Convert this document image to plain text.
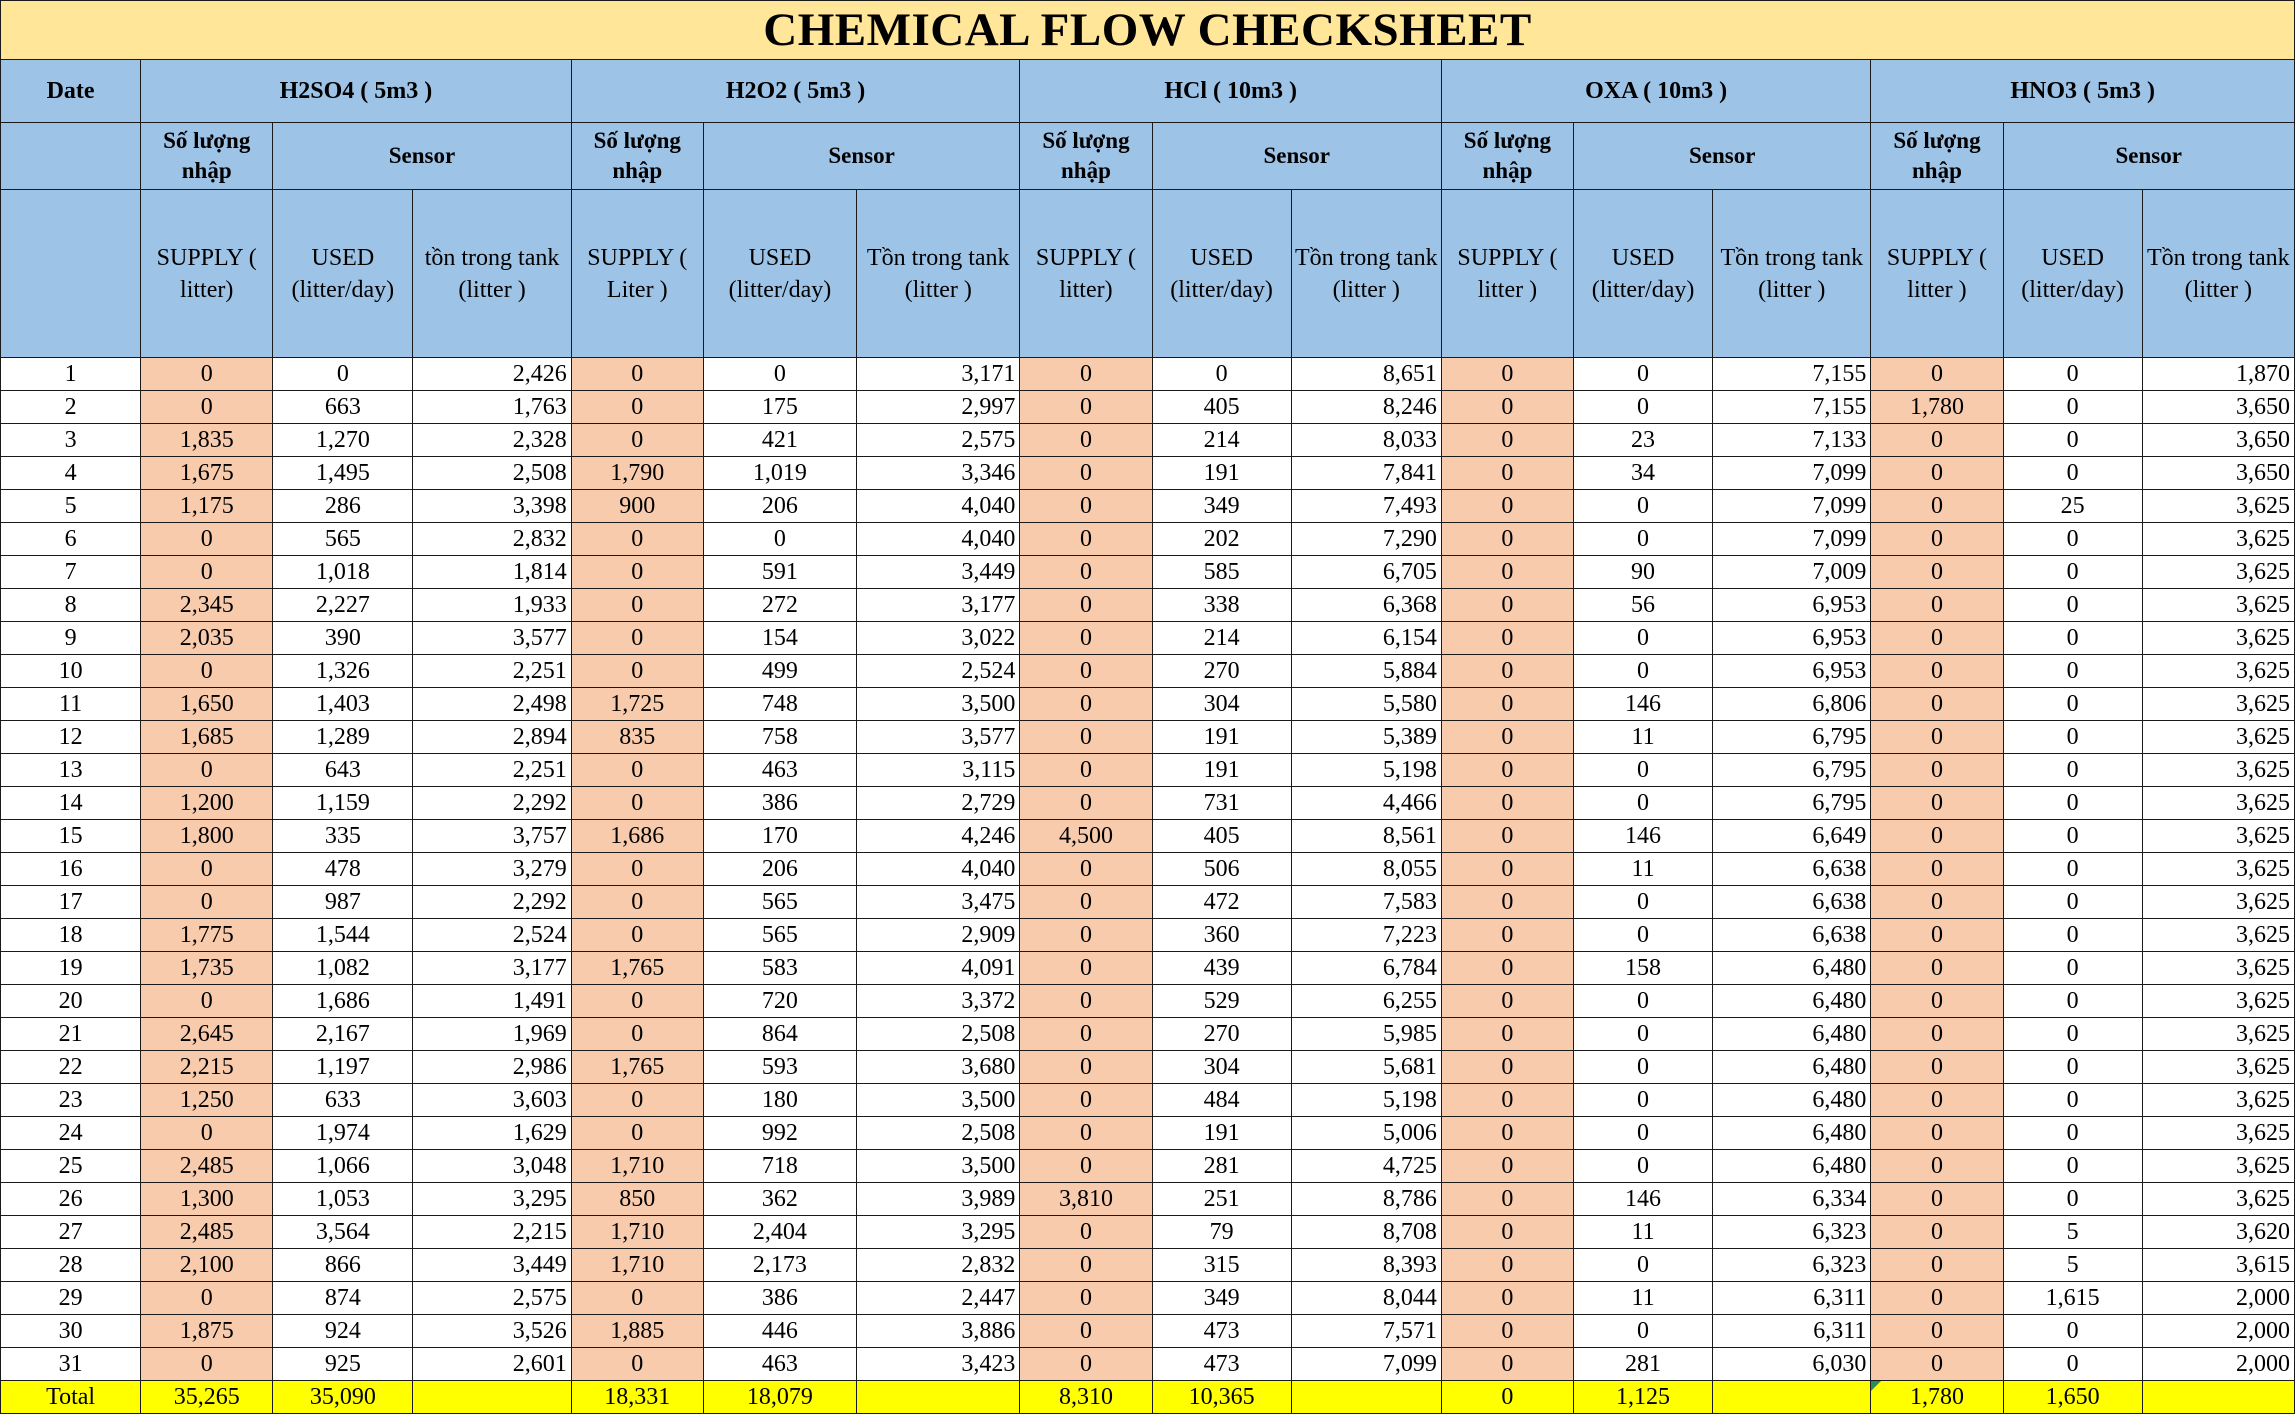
CHEMICAL FLOW CHECKSHEET															
Date	H2SO4 ( 5m3 )			H2O2 ( 5m3 )			HCl ( 10m3 )			OXA ( 10m3 )			HNO3 ( 5m3 )		
	Số lượng nhập	Sensor		Số lượng nhập	Sensor		Số lượng nhập	Sensor		Số lượng nhập	Sensor		Số lượng nhập	Sensor	
	SUPPLY ( litter)	USED (litter/day)	tồn trong tank (litter )	SUPPLY ( Liter )	USED (litter/day)	Tồn trong tank (litter )	SUPPLY ( litter)	USED (litter/day)	Tồn trong tank (litter )	SUPPLY ( litter )	USED (litter/day)	Tồn trong tank (litter )	SUPPLY ( litter )	USED (litter/day)	Tồn trong tank (litter )
1	0	0	2,426	0	0	3,171	0	0	8,651	0	0	7,155	0	0	1,870
2	0	663	1,763	0	175	2,997	0	405	8,246	0	0	7,155	1,780	0	3,650
3	1,835	1,270	2,328	0	421	2,575	0	214	8,033	0	23	7,133	0	0	3,650
4	1,675	1,495	2,508	1,790	1,019	3,346	0	191	7,841	0	34	7,099	0	0	3,650
5	1,175	286	3,398	900	206	4,040	0	349	7,493	0	0	7,099	0	25	3,625
6	0	565	2,832	0	0	4,040	0	202	7,290	0	0	7,099	0	0	3,625
7	0	1,018	1,814	0	591	3,449	0	585	6,705	0	90	7,009	0	0	3,625
8	2,345	2,227	1,933	0	272	3,177	0	338	6,368	0	56	6,953	0	0	3,625
9	2,035	390	3,577	0	154	3,022	0	214	6,154	0	0	6,953	0	0	3,625
10	0	1,326	2,251	0	499	2,524	0	270	5,884	0	0	6,953	0	0	3,625
11	1,650	1,403	2,498	1,725	748	3,500	0	304	5,580	0	146	6,806	0	0	3,625
12	1,685	1,289	2,894	835	758	3,577	0	191	5,389	0	11	6,795	0	0	3,625
13	0	643	2,251	0	463	3,115	0	191	5,198	0	0	6,795	0	0	3,625
14	1,200	1,159	2,292	0	386	2,729	0	731	4,466	0	0	6,795	0	0	3,625
15	1,800	335	3,757	1,686	170	4,246	4,500	405	8,561	0	146	6,649	0	0	3,625
16	0	478	3,279	0	206	4,040	0	506	8,055	0	11	6,638	0	0	3,625
17	0	987	2,292	0	565	3,475	0	472	7,583	0	0	6,638	0	0	3,625
18	1,775	1,544	2,524	0	565	2,909	0	360	7,223	0	0	6,638	0	0	3,625
19	1,735	1,082	3,177	1,765	583	4,091	0	439	6,784	0	158	6,480	0	0	3,625
20	0	1,686	1,491	0	720	3,372	0	529	6,255	0	0	6,480	0	0	3,625
21	2,645	2,167	1,969	0	864	2,508	0	270	5,985	0	0	6,480	0	0	3,625
22	2,215	1,197	2,986	1,765	593	3,680	0	304	5,681	0	0	6,480	0	0	3,625
23	1,250	633	3,603	0	180	3,500	0	484	5,198	0	0	6,480	0	0	3,625
24	0	1,974	1,629	0	992	2,508	0	191	5,006	0	0	6,480	0	0	3,625
25	2,485	1,066	3,048	1,710	718	3,500	0	281	4,725	0	0	6,480	0	0	3,625
26	1,300	1,053	3,295	850	362	3,989	3,810	251	8,786	0	146	6,334	0	0	3,625
27	2,485	3,564	2,215	1,710	2,404	3,295	0	79	8,708	0	11	6,323	0	5	3,620
28	2,100	866	3,449	1,710	2,173	2,832	0	315	8,393	0	0	6,323	0	5	3,615
29	0	874	2,575	0	386	2,447	0	349	8,044	0	11	6,311	0	1,615	2,000
30	1,875	924	3,526	1,885	446	3,886	0	473	7,571	0	0	6,311	0	0	2,000
31	0	925	2,601	0	463	3,423	0	473	7,099	0	281	6,030	0	0	2,000
Total	35,265	35,090		18,331	18,079		8,310	10,365		0	1,125		1,780	1,650	
